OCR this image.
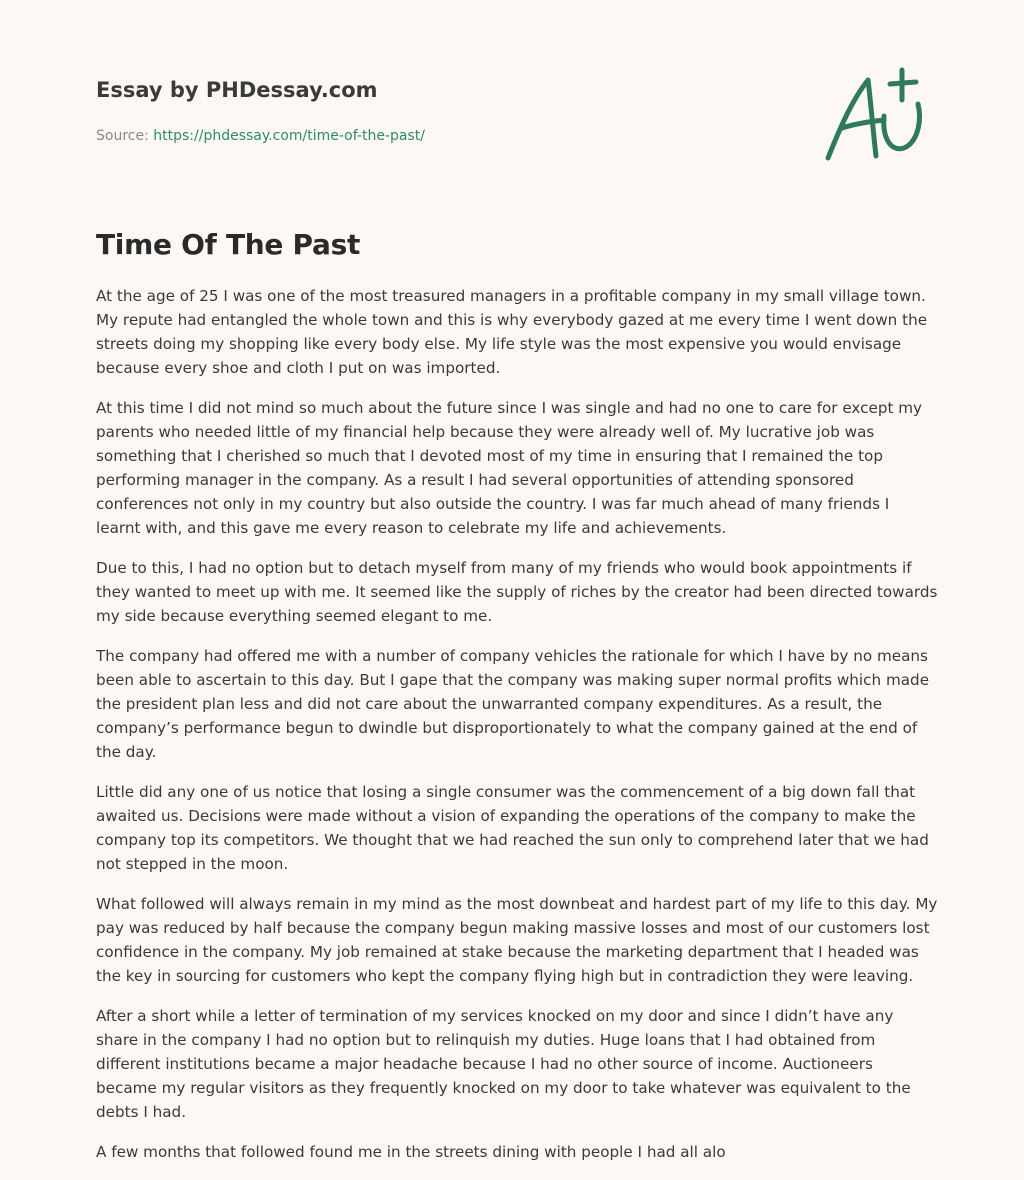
Essay by PHDessay.com
Source: https://phdessay.com/time-of-the-past/
Time Of The Past

At the age of 25 I was one of the most treasured managers in a profitable company in my small village town. My repute had entangled the whole town and this is why everybody gazed at me every time I went down the streets doing my shopping like every body else. My life style was the most expensive you would envisage because every shoe and cloth I put on was imported.

At this time I did not mind so much about the future since I was single and had no one to care for except my parents who needed little of my financial help because they were already well of. My lucrative job was something that I cherished so much that I devoted most of my time in ensuring that I remained the top performing manager in the company. As a result I had several opportunities of attending sponsored conferences not only in my country but also outside the country. I was far much ahead of many friends I learnt with, and this gave me every reason to celebrate my life and achievements.

Due to this, I had no option but to detach myself from many of my friends who would book appointments if they wanted to meet up with me. It seemed like the supply of riches by the creator had been directed towards my side because everything seemed elegant to me.

The company had offered me with a number of company vehicles the rationale for which I have by no means been able to ascertain to this day. But I gape that the company was making super normal profits which made the president plan less and did not care about the unwarranted company expenditures. As a result, the company’s performance begun to dwindle but disproportionately to what the company gained at the end of the day.

Little did any one of us notice that losing a single consumer was the commencement of a big down fall that awaited us. Decisions were made without a vision of expanding the operations of the company to make the company top its competitors. We thought that we had reached the sun only to comprehend later that we had not stepped in the moon.

What followed will always remain in my mind as the most downbeat and hardest part of my life to this day. My pay was reduced by half because the company begun making massive losses and most of our customers lost confidence in the company. My job remained at stake because the marketing department that I headed was the key in sourcing for customers who kept the company flying high but in contradiction they were leaving.

After a short while a letter of termination of my services knocked on my door and since I didn’t have any share in the company I had no option but to relinquish my duties. Huge loans that I had obtained from different institutions became a major headache because I had no other source of income. Auctioneers became my regular visitors as they frequently knocked on my door to take whatever was equivalent to the debts I had.

A few months that followed found me in the streets dining with people I had all alo
